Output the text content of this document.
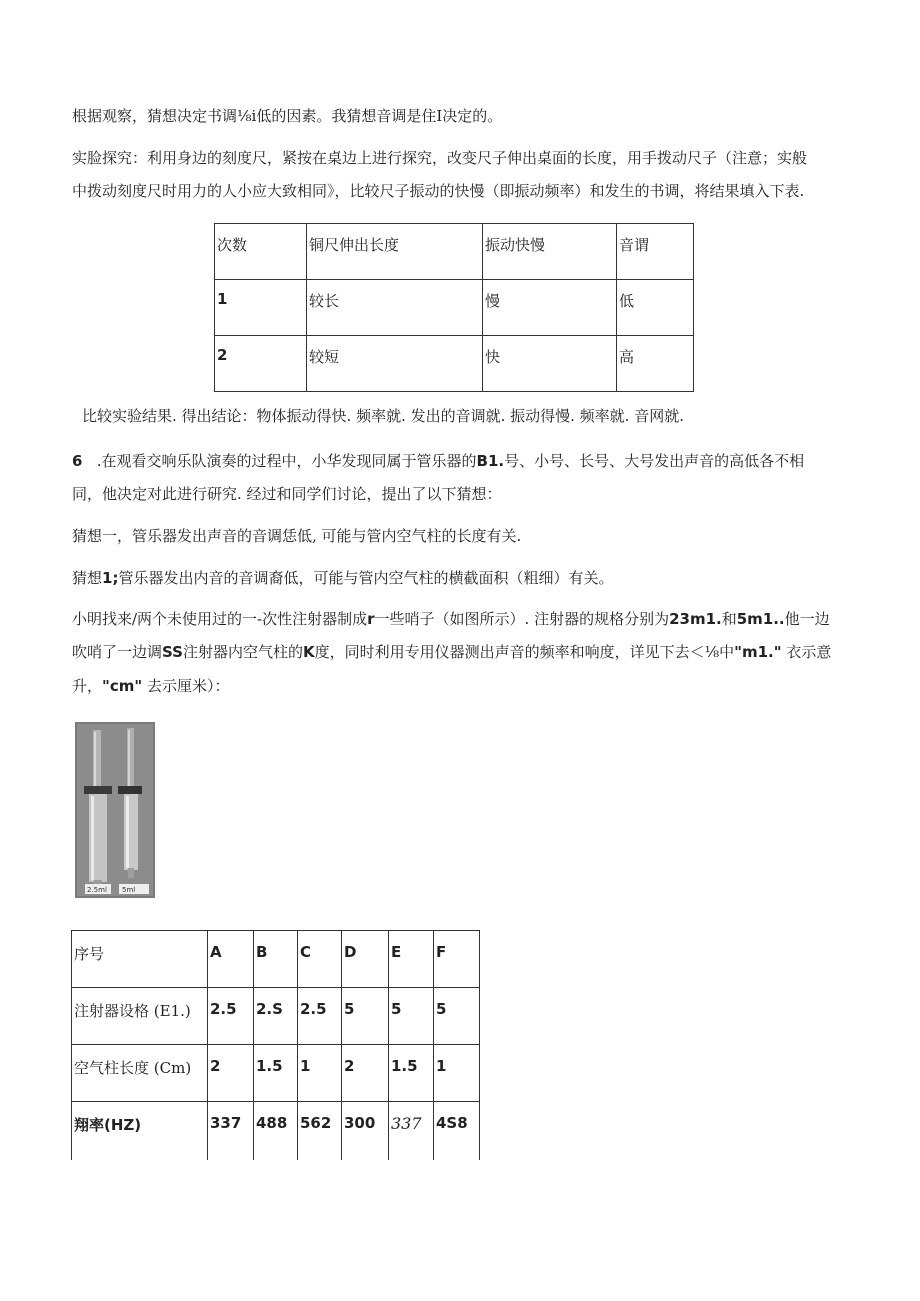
根据观察，猜想决定书调⅛i低的因素。我猜想音调是住I决定的。
实脸探究：利用身边的刻度尺，紧按在桌边上进行探究，改变尺子伸出桌面的长度，用手拨动尺子（注意；实般
中拨动刻度尺时用力的人小应大致相同》，比较尺子振动的快慢（即振动频率）和发生的书调，将结果填入下表.
次数	铜尺伸出长度	振动快慢	音谓
1	较长	慢	低
2	较短	快	高
比较实验结果. 得出结论：物体振动得快. 频率就. 发出的音调就. 振动得慢. 频率就. 音网就.
6 .在观看交响乐队演奏的过程中，小华发现同属于管乐器的B1.号、小号、长号、大号发出声音的高低各不相
同，他决定对此进行研究. 经过和同学们讨论，提出了以下猜想：
猜想一，管乐器发出声音的音调恁低, 可能与管内空气柱的长度有关.
猜想1;管乐器发出内音的音调裔低，可能与管内空气柱的横截面积（粗细）有关。
小明找来/两个未使用过的一-次性注射器制成r一些哨子（如图所示）. 注射器的规格分别为23m1.和5m1..他一边
吹哨了一边调SS注射器内空气柱的K度，同时利用专用仪器测出声音的频率和响度，详见下去＜⅛中"m1." 衣示意
升，"cm" 去示厘米）：
2.5ml 5ml
序号	A	B	C	D	E	F
注射器设格 (E1.)	2.5	2.S	2.5	5	5	5
空气柱长度 (Cm)	2	1.5	1	2	1.5	1
翔率(HZ)	337	488	562	300	337	4S8
